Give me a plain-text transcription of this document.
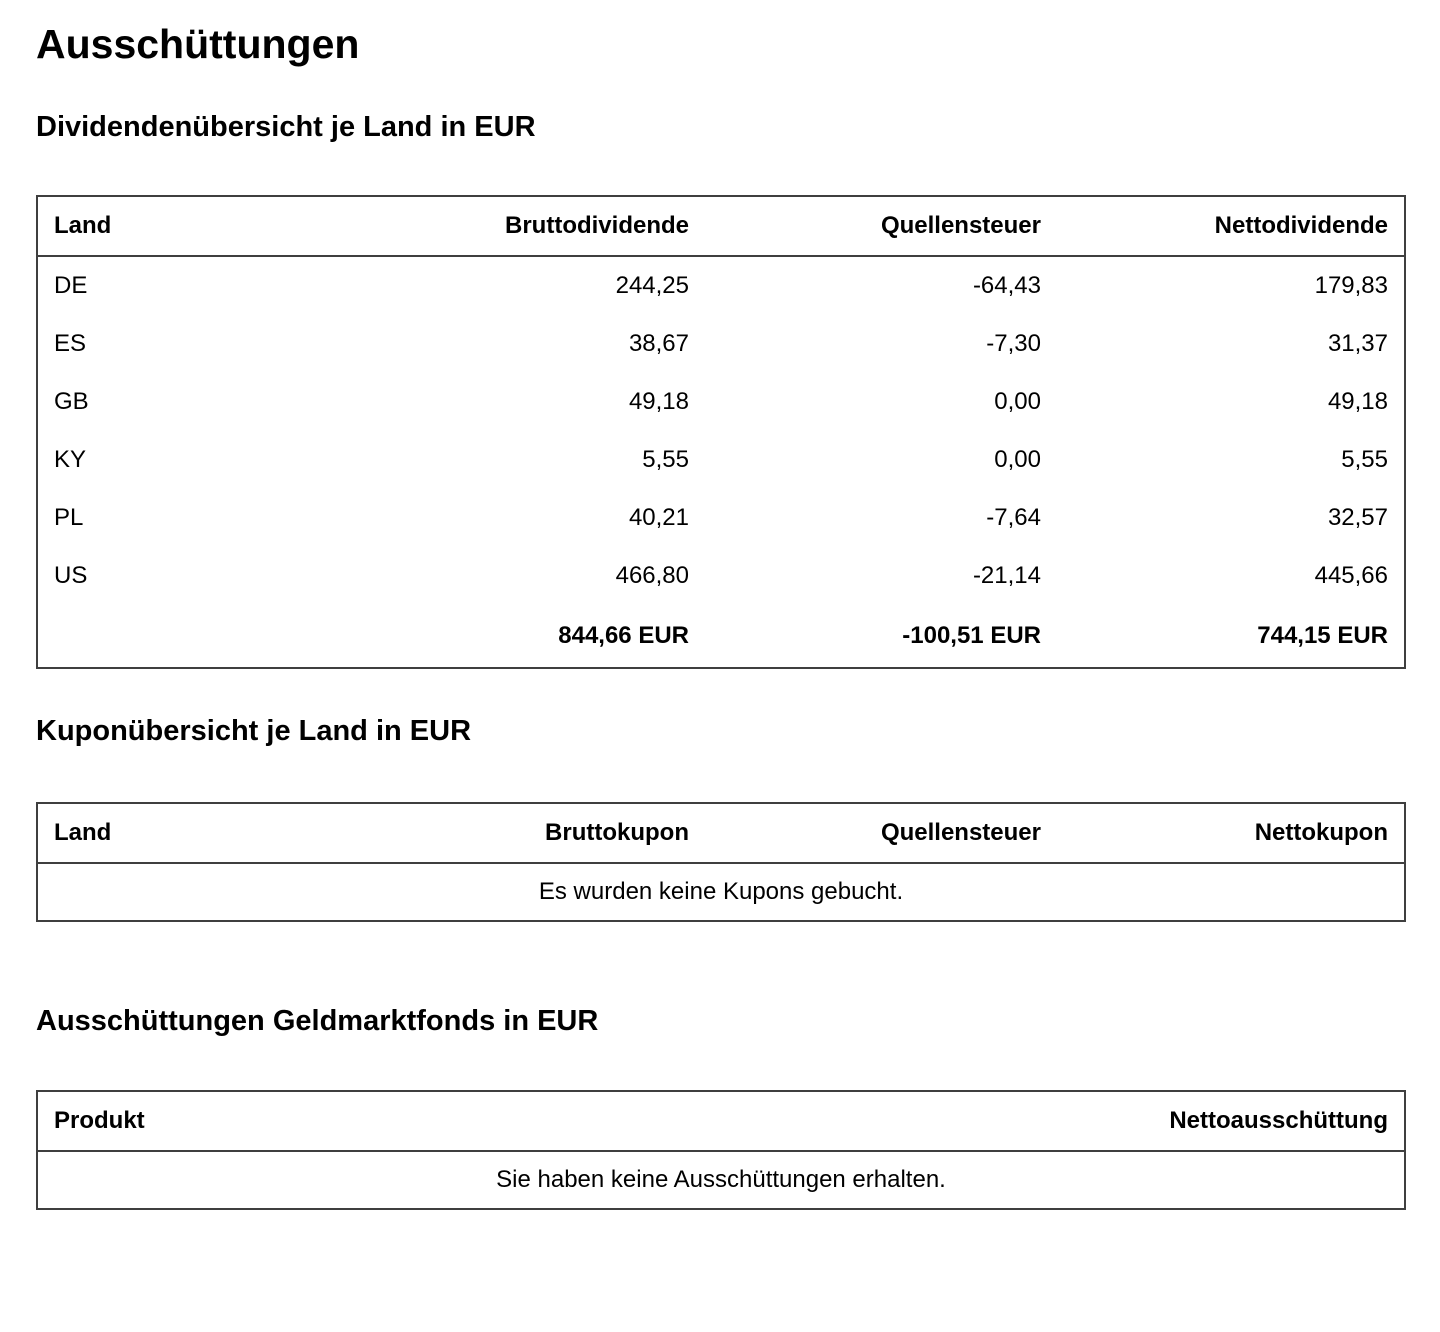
Ausschüttungen
Dividendenübersicht je Land in EUR
Land	Bruttodividende	Quellensteuer	Nettodividende
DE	244,25	-64,43	179,83
ES	38,67	-7,30	31,37
GB	49,18	0,00	49,18
KY	5,55	0,00	5,55
PL	40,21	-7,64	32,57
US	466,80	-21,14	445,66
	844,66 EUR	-100,51 EUR	744,15 EUR
Kuponübersicht je Land in EUR
Land	Bruttokupon	Quellensteuer	Nettokupon
Es wurden keine Kupons gebucht.
Ausschüttungen Geldmarktfonds in EUR
Produkt	Nettoausschüttung
Sie haben keine Ausschüttungen erhalten.
